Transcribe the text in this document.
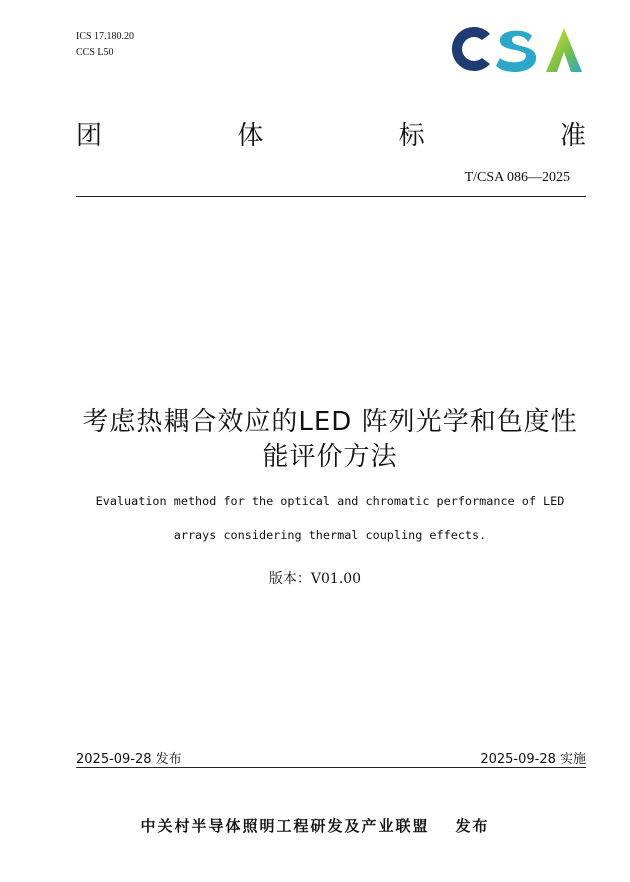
ICS 17.180.20
CCS L50
团	体	标	准
T/CSA 086—2025
考虑热耦合效应的LED 阵列光学和色度性
能评价方法
Evaluation method for the optical and chromatic performance of LED
arrays considering thermal coupling effects.
版本：V01.00
2025-09-28 发布	2025-09-28 实施
中关村半导体照明工程研发及产业联盟 发布
